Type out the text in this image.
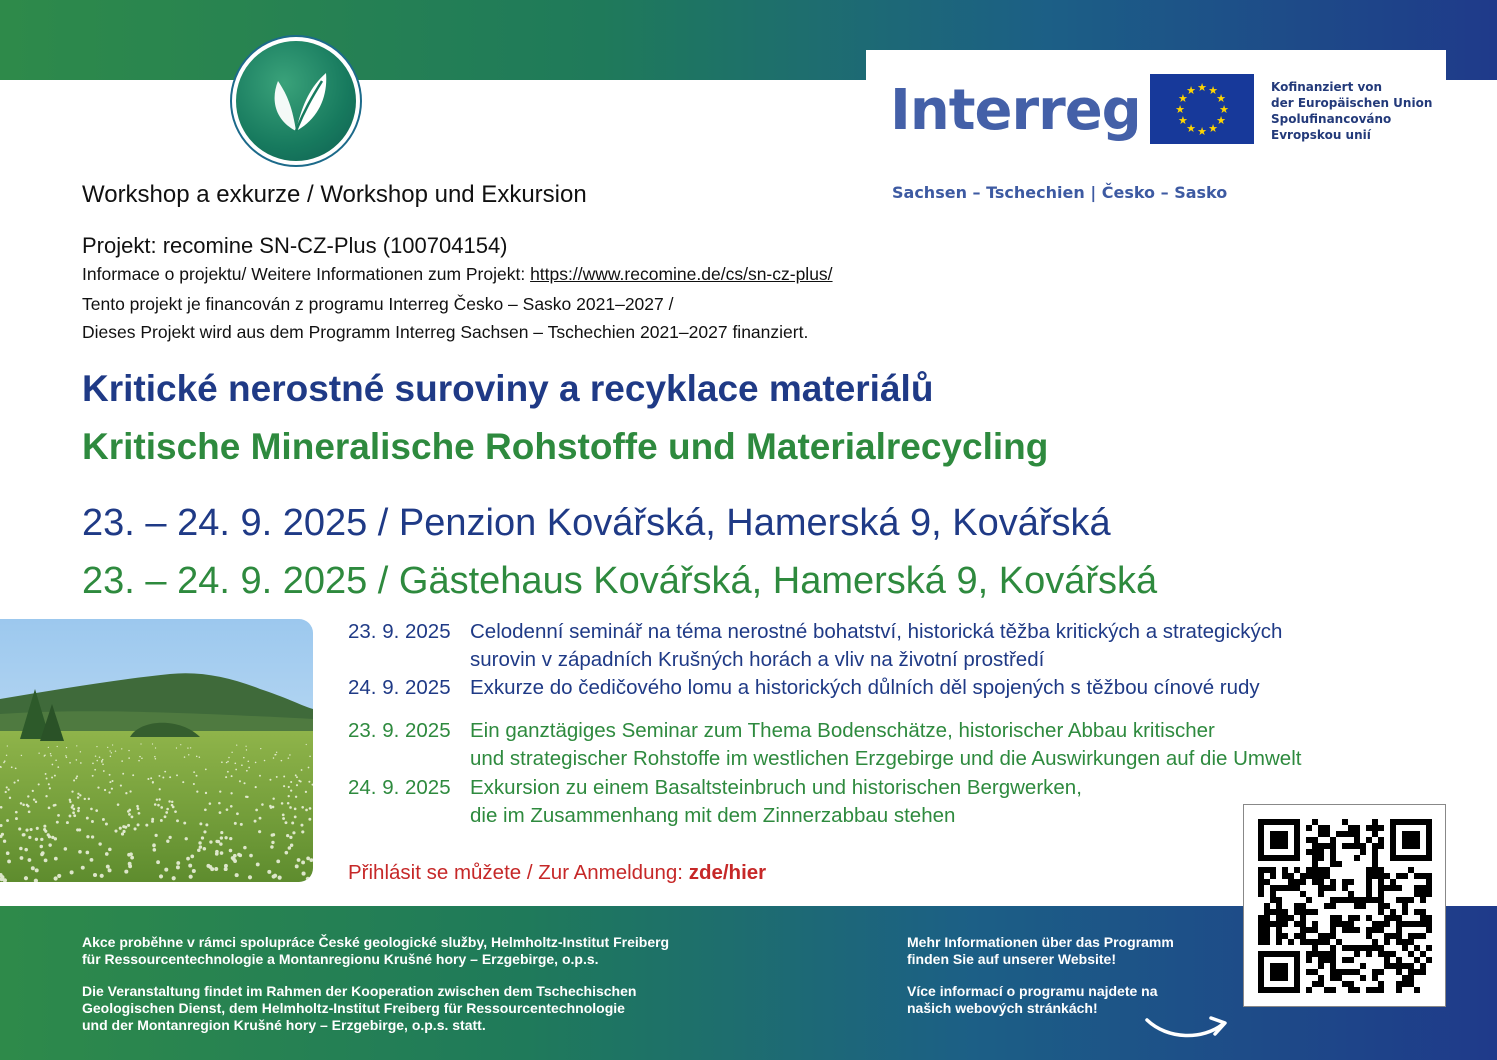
Interreg	★
★
★
★
★
★
★
★
★ ★ ★
★
Kofinanziert von
der Europäischen Union
Spolufinancováno
Evropskou unií
Sachsen – Tschechien | Česko – Sasko
Workshop a exkurze / Workshop und Exkursion
Projekt: recomine SN-CZ-Plus (100704154)
Informace o projektu/ Weitere Informationen zum Projekt: https://www.recomine.de/cs/sn-cz-plus/
Tento projekt je financován z programu Interreg Česko – Sasko 2021–2027 /
Dieses Projekt wird aus dem Programm Interreg Sachsen – Tschechien 2021–2027 finanziert.
Kritické nerostné suroviny a recyklace materiálů
Kritische Mineralische Rohstoffe und Materialrecycling
23. – 24. 9. 2025 / Penzion Kovářská, Hamerská 9, Kovářská
23. – 24. 9. 2025 / Gästehaus Kovářská, Hamerská 9, Kovářská
23. 9. 2025 Celodenní seminář na téma nerostné bohatství, historická těžba kritických a strategických
surovin v západních Krušných horách a vliv na životní prostředí
24. 9. 2025 Exkurze do čedičového lomu a historických důlních děl spojených s těžbou cínové rudy
23. 9. 2025 Ein ganztägiges Seminar zum Thema Bodenschätze, historischer Abbau kritischer
und strategischer Rohstoffe im westlichen Erzgebirge und die Auswirkungen auf die Umwelt
24. 9. 2025 Exkursion zu einem Basaltsteinbruch und historischen Bergwerken,
die im Zusammenhang mit dem Zinnerzabbau stehen
Přihlásit se můžete / Zur Anmeldung: zde/hier
Akce proběhne v rámci spolupráce České geologické služby, Helmholtz-Institut Freiberg
für Ressourcentechnologie a Montanregionu Krušné hory – Erzgebirge, o.p.s.
Die Veranstaltung findet im Rahmen der Kooperation zwischen dem Tschechischen
Geologischen Dienst, dem Helmholtz-Institut Freiberg für Ressourcentechnologie
und der Montanregion Krušné hory – Erzgebirge, o.p.s. statt.
Mehr Informationen über das Programm
finden Sie auf unserer Website!
Více informací o programu najdete na
našich webových stránkách!
